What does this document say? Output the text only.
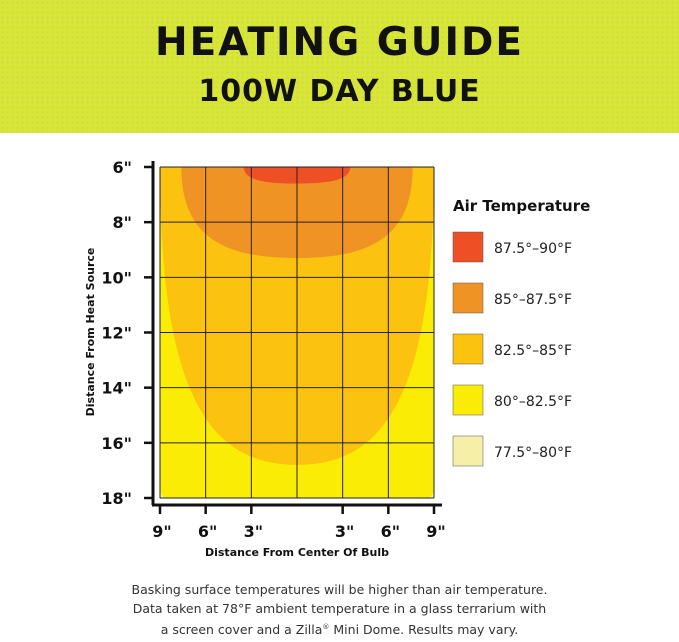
HEATING GUIDE
100W DAY BLUE
6"
8"
10"
12"
14"
16"
18"
9" 6" 3"	3" 6" 9"
Distance From Heat Source
Distance From Center Of Bulb
Air Temperature
87.5°–90°F
85°–87.5°F
82.5°–85°F
80°–82.5°F
77.5°–80°F
Basking surface temperatures will be higher than air temperature.
Data taken at 78°F ambient temperature in a glass terrarium with
a screen cover and a Zilla® Mini Dome. Results may vary.
